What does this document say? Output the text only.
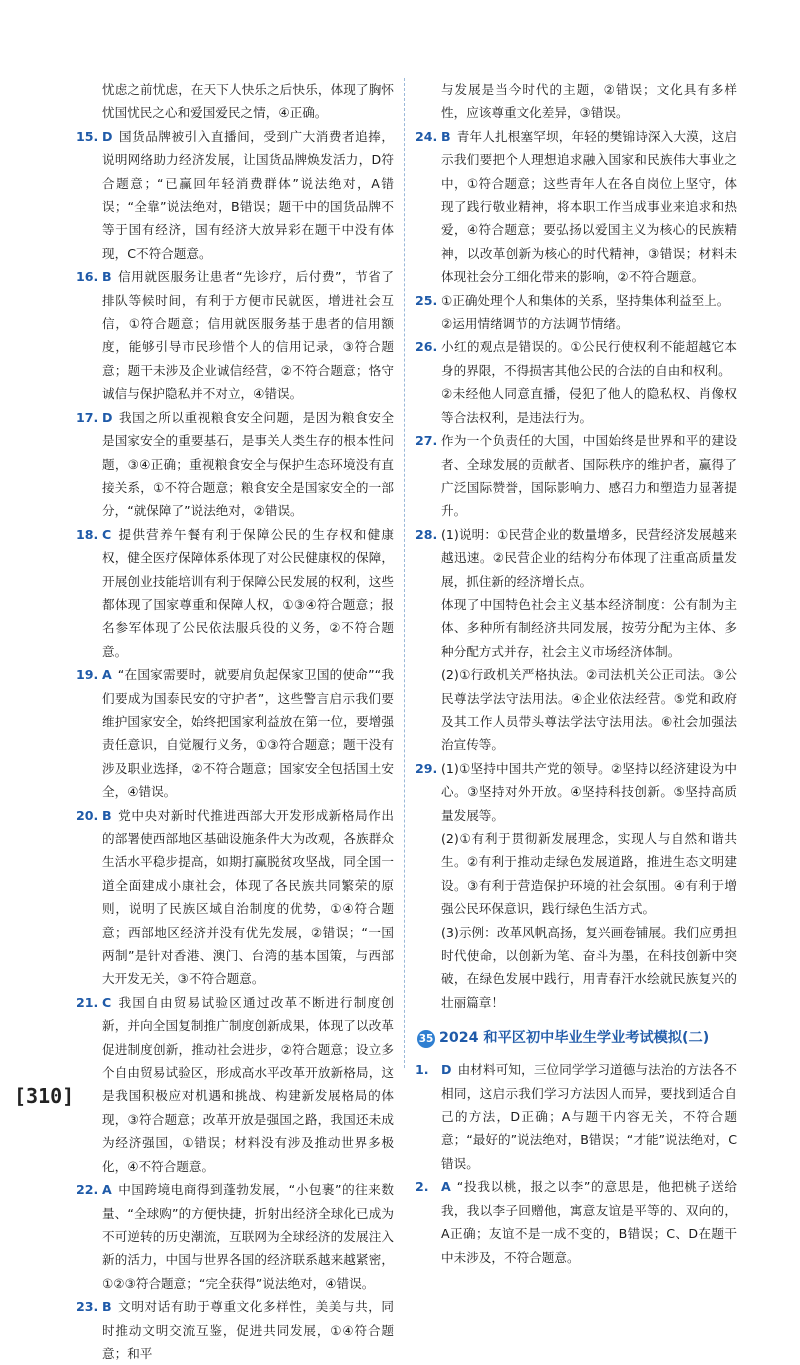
忧虑之前忧虑，在天下人快乐之后快乐，体现了胸怀忧国忧民之心和爱国爱民之情，④正确。

15. D 国货品牌被引入直播间，受到广大消费者追捧，说明网络助力经济发展，让国货品牌焕发活力，D符合题意；“已赢回年轻消费群体”说法绝对，A错误；“全靠”说法绝对，B错误；题干中的国货品牌不等于国有经济，国有经济大放异彩在题干中没有体现，C不符合题意。
16. B 信用就医服务让患者“先诊疗，后付费”，节省了排队等候时间，有利于方便市民就医，增进社会互信，①符合题意；信用就医服务基于患者的信用额度，能够引导市民珍惜个人的信用记录，③符合题意；题干未涉及企业诚信经营，②不符合题意；恪守诚信与保护隐私并不对立，④错误。
17. D 我国之所以重视粮食安全问题，是因为粮食安全是国家安全的重要基石，是事关人类生存的根本性问题，③④正确；重视粮食安全与保护生态环境没有直接关系，①不符合题意；粮食安全是国家安全的一部分，“就保障了”说法绝对，②错误。
18. C 提供营养午餐有利于保障公民的生存权和健康权，健全医疗保障体系体现了对公民健康权的保障，开展创业技能培训有利于保障公民发展的权利，这些都体现了国家尊重和保障人权，①③④符合题意；报名参军体现了公民依法服兵役的义务，②不符合题意。
19. A “在国家需要时，就要肩负起保家卫国的使命”“我们要成为国泰民安的守护者”，这些警言启示我们要维护国家安全，始终把国家利益放在第一位，要增强责任意识，自觉履行义务，①③符合题意；题干没有涉及职业选择，②不符合题意；国家安全包括国土安全，④错误。
20. B 党中央对新时代推进西部大开发形成新格局作出的部署使西部地区基础设施条件大为改观，各族群众生活水平稳步提高，如期打赢脱贫攻坚战，同全国一道全面建成小康社会，体现了各民族共同繁荣的原则，说明了民族区域自治制度的优势，①④符合题意；西部地区经济并没有优先发展，②错误；“一国两制”是针对香港、澳门、台湾的基本国策，与西部大开发无关，③不符合题意。
21. C 我国自由贸易试验区通过改革不断进行制度创新，并向全国复制推广制度创新成果，体现了以改革促进制度创新，推动社会进步，②符合题意；设立多个自由贸易试验区，形成高水平改革开放新格局，这是我国积极应对机遇和挑战、构建新发展格局的体现，③符合题意；改革开放是强国之路，我国还未成为经济强国，①错误；材料没有涉及推动世界多极化，④不符合题意。
22. A 中国跨境电商得到蓬勃发展，“小包裹”的往来数量、“全球购”的方便快捷，折射出经济全球化已成为不可逆转的历史潮流，互联网为全球经济的发展注入新的活力，中国与世界各国的经济联系越来越紧密，①②③符合题意；“完全获得”说法绝对，④错误。
23. B 文明对话有助于尊重文化多样性，美美与共，同时推动文明交流互鉴，促进共同发展，①④符合题意；和平

与发展是当今时代的主题，②错误；文化具有多样性，应该尊重文化差异，③错误。

24. B 青年人扎根塞罕坝，年轻的樊锦诗深入大漠，这启示我们要把个人理想追求融入国家和民族伟大事业之中，①符合题意；这些青年人在各自岗位上坚守，体现了践行敬业精神，将本职工作当成事业来追求和热爱，④符合题意；要弘扬以爱国主义为核心的民族精神，以改革创新为核心的时代精神，③错误；材料未体现社会分工细化带来的影响，②不符合题意。
25. ①正确处理个人和集体的关系，坚持集体利益至上。
②运用情绪调节的方法调节情绪。
26. 小红的观点是错误的。①公民行使权利不能超越它本身的界限，不得损害其他公民的合法的自由和权利。
②未经他人同意直播，侵犯了他人的隐私权、肖像权等合法权利，是违法行为。
27. 作为一个负责任的大国，中国始终是世界和平的建设者、全球发展的贡献者、国际秩序的维护者，赢得了广泛国际赞誉，国际影响力、感召力和塑造力显著提升。
28. (1)说明：①民营企业的数量增多，民营经济发展越来越迅速。②民营企业的结构分布体现了注重高质量发展，抓住新的经济增长点。
体现了中国特色社会主义基本经济制度：公有制为主体、多种所有制经济共同发展，按劳分配为主体、多种分配方式并存，社会主义市场经济体制。
(2)①行政机关严格执法。②司法机关公正司法。③公民尊法学法守法用法。④企业依法经营。⑤党和政府及其工作人员带头尊法学法守法用法。⑥社会加强法治宣传等。
29. (1)①坚持中国共产党的领导。②坚持以经济建设为中心。③坚持对外开放。④坚持科技创新。⑤坚持高质量发展等。
(2)①有利于贯彻新发展理念，实现人与自然和谐共生。②有利于推动走绿色发展道路，推进生态文明建设。③有利于营造保护环境的社会氛围。④有利于增强公民环保意识，践行绿色生活方式。
(3)示例：改革风帆高扬，复兴画卷铺展。我们应勇担时代使命，以创新为笔、奋斗为墨，在科技创新中突破，在绿色发展中践行，用青春汗水绘就民族复兴的壮丽篇章！
35 2024 和平区初中毕业生学业考试模拟(二)
1. D 由材料可知，三位同学学习道德与法治的方法各不相同，这启示我们学习方法因人而异，要找到适合自己的方法，D正确；A与题干内容无关，不符合题意；“最好的”说法绝对，B错误；“才能”说法绝对，C错误。
2. A “投我以桃，报之以李”的意思是，他把桃子送给我，我以李子回赠他，寓意友谊是平等的、双向的，A正确；友谊不是一成不变的，B错误；C、D在题干中未涉及，不符合题意。
[310]
